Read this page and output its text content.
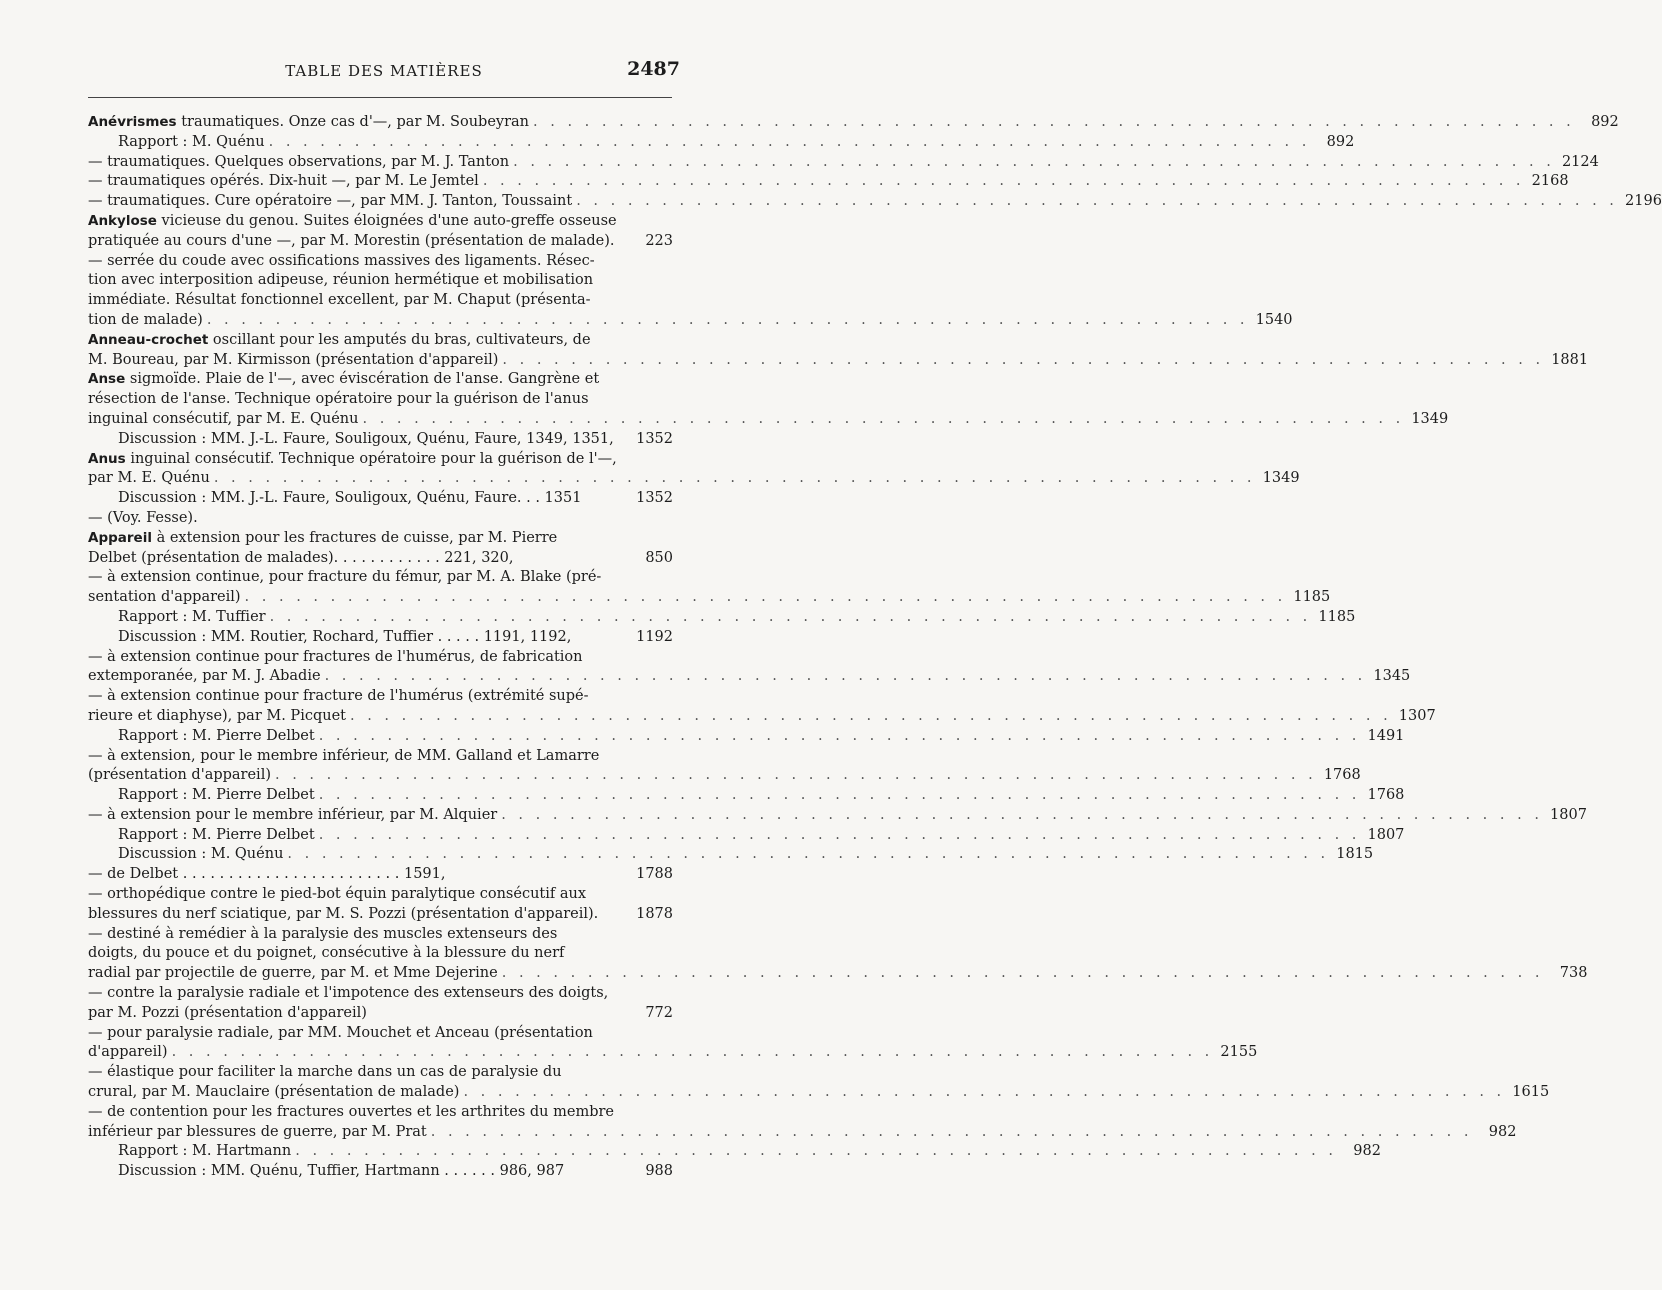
TABLE DES MATIÈRES	2487
Anévrismes traumatiques. Onze cas d'—, par M. Soubeyran . . .	892
Rapport : M. Quénu . . .	892
— traumatiques. Quelques observations, par M. J. Tanton . . .	2124
— traumatiques opérés. Dix-huit —, par M. Le Jemtel . . .	2168
— traumatiques. Cure opératoire —, par MM. J. Tanton, Toussaint . . .	2196
Ankylose vicieuse du genou. Suites éloignées d'une auto-greffe osseuse
pratiquée au cours d'une —, par M. Morestin (présentation de malade).	223
— serrée du coude avec ossifications massives des ligaments. Résec-
tion avec interposition adipeuse, réunion hermétique et mobilisation
immédiate. Résultat fonctionnel excellent, par M. Chaput (présenta-
tion de malade) . . .	1540
Anneau-crochet oscillant pour les amputés du bras, cultivateurs, de
M. Boureau, par M. Kirmisson (présentation d'appareil) . . .	1881
Anse sigmoïde. Plaie de l'—, avec éviscération de l'anse. Gangrène et
résection de l'anse. Technique opératoire pour la guérison de l'anus
inguinal consécutif, par M. E. Quénu . . .	1349
Discussion : MM. J.-L. Faure, Souligoux, Quénu, Faure, 1349, 1351,	1352
Anus inguinal consécutif. Technique opératoire pour la guérison de l'—,
par M. E. Quénu . . .	1349
Discussion : MM. J.-L. Faure, Souligoux, Quénu, Faure. . . 1351	1352
— (Voy. Fesse).
Appareil à extension pour les fractures de cuisse, par M. Pierre
Delbet (présentation de malades). . . . . . . . . . . . 221, 320,	850
— à extension continue, pour fracture du fémur, par M. A. Blake (pré-
sentation d'appareil) . . .	1185
Rapport : M. Tuffier . . .	1185
Discussion : MM. Routier, Rochard, Tuffier . . . . . 1191, 1192,	1192
— à extension continue pour fractures de l'humérus, de fabrication
extemporanée, par M. J. Abadie . . .	1345
— à extension continue pour fracture de l'humérus (extrémité supé-
rieure et diaphyse), par M. Picquet . . .	1307
Rapport : M. Pierre Delbet . . .	1491
— à extension, pour le membre inférieur, de MM. Galland et Lamarre
(présentation d'appareil) . . .	1768
Rapport : M. Pierre Delbet . . .	1768
— à extension pour le membre inférieur, par M. Alquier . . .	1807
Rapport : M. Pierre Delbet . . .	1807
Discussion : M. Quénu . . .	1815
— de Delbet . . . . . . . . . . . . . . . . . . . . . . . . 1591,	1788
— orthopédique contre le pied-bot équin paralytique consécutif aux
blessures du nerf sciatique, par M. S. Pozzi (présentation d'appareil).	1878
— destiné à remédier à la paralysie des muscles extenseurs des
doigts, du pouce et du poignet, consécutive à la blessure du nerf
radial par projectile de guerre, par M. et Mme Dejerine . . .	738
— contre la paralysie radiale et l'impotence des extenseurs des doigts,
par M. Pozzi (présentation d'appareil)	772
— pour paralysie radiale, par MM. Mouchet et Anceau (présentation
d'appareil) . . .	2155
— élastique pour faciliter la marche dans un cas de paralysie du
crural, par M. Mauclaire (présentation de malade) . . .	1615
— de contention pour les fractures ouvertes et les arthrites du membre
inférieur par blessures de guerre, par M. Prat . . .	982
Rapport : M. Hartmann . . .	982
Discussion : MM. Quénu, Tuffier, Hartmann . . . . . . 986, 987	988
